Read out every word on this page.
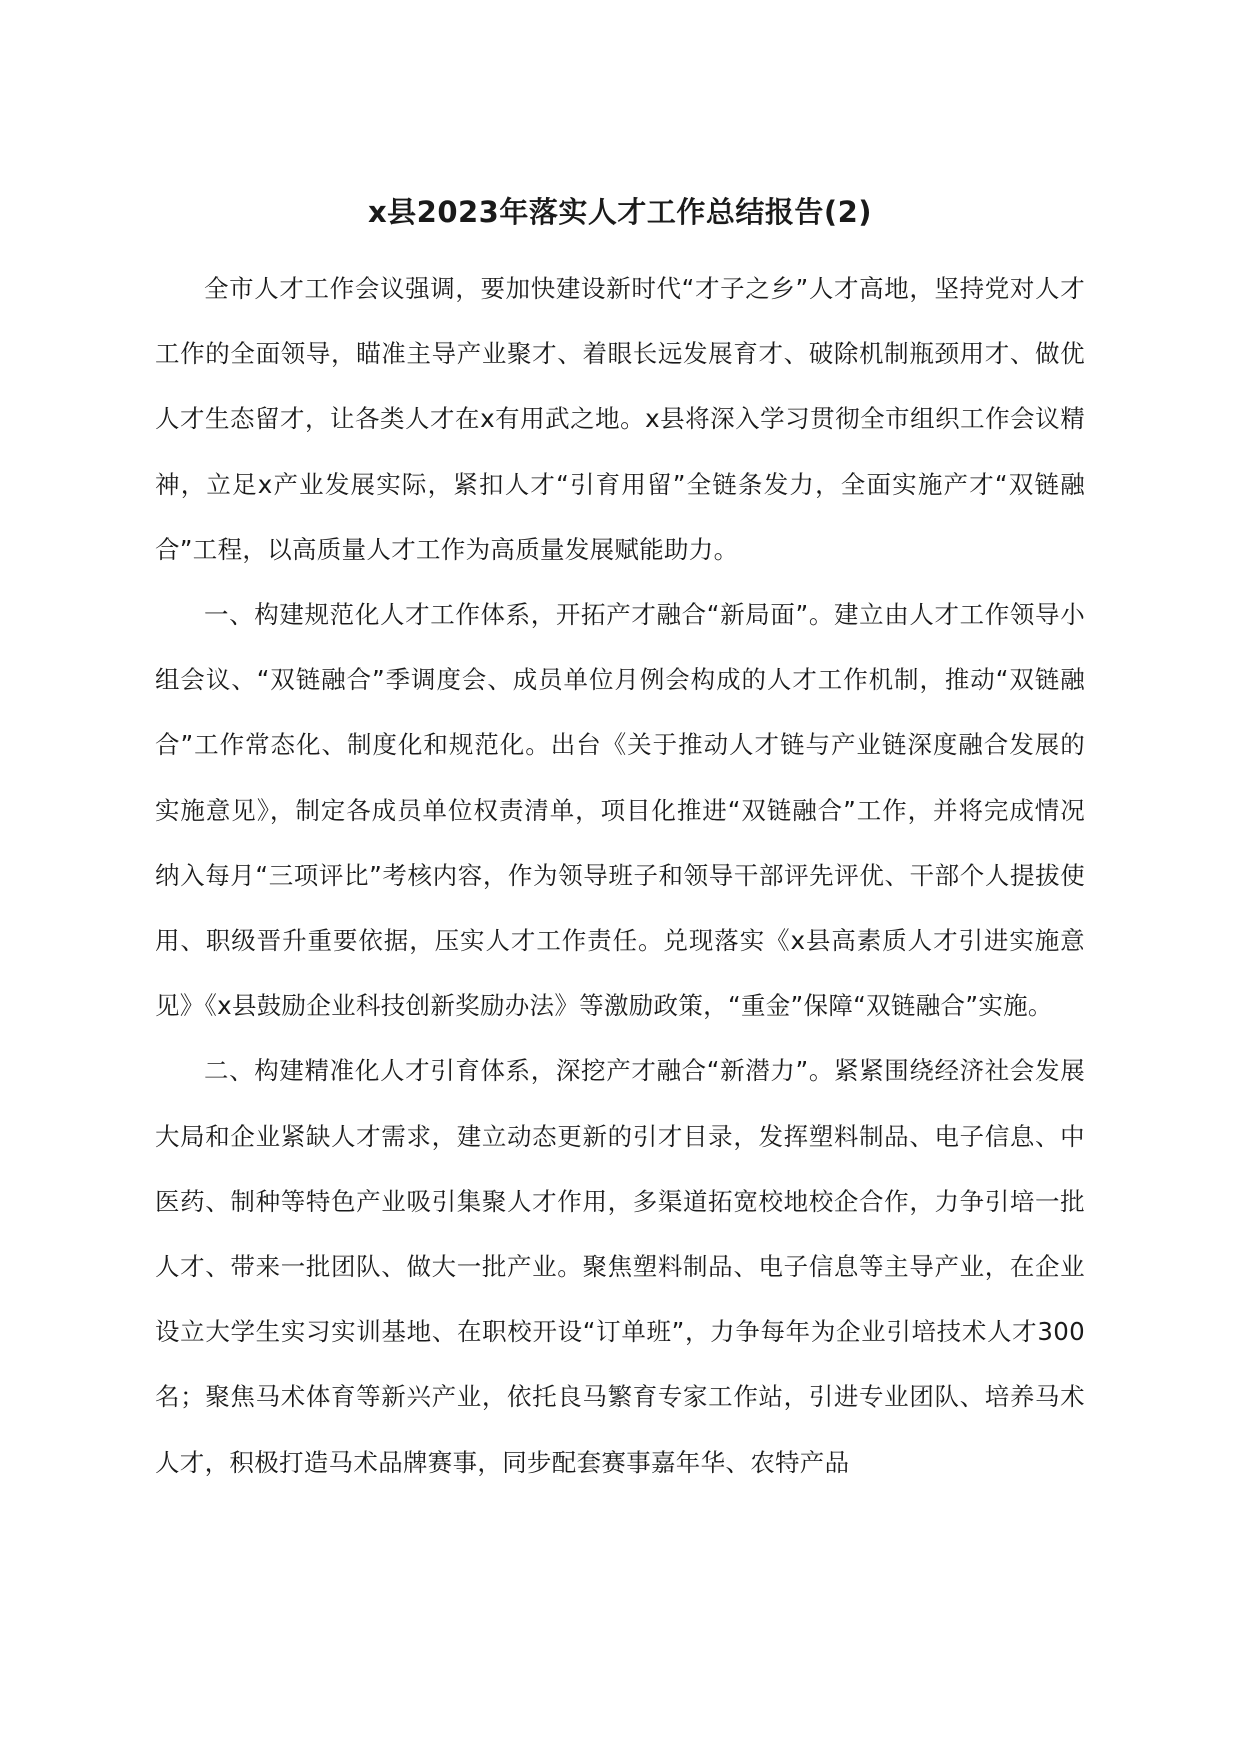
x县2023年落实人才工作总结报告(2)

全市人才工作会议强调，要加快建设新时代“才子之乡”人才高地，坚持党对人才工作的全面领导，瞄准主导产业聚才、着眼长远发展育才、破除机制瓶颈用才、做优人才生态留才，让各类人才在x有用武之地。x县将深入学习贯彻全市组织工作会议精神，立足x产业发展实际，紧扣人才“引育用留”全链条发力，全面实施产才“双链融合”工程，以高质量人才工作为高质量发展赋能助力。

一、构建规范化人才工作体系，开拓产才融合“新局面”。建立由人才工作领导小组会议、“双链融合”季调度会、成员单位月例会构成的人才工作机制，推动“双链融合”工作常态化、制度化和规范化。出台《关于推动人才链与产业链深度融合发展的实施意见》，制定各成员单位权责清单，项目化推进“双链融合”工作，并将完成情况纳入每月“三项评比”考核内容，作为领导班子和领导干部评先评优、干部个人提拔使用、职级晋升重要依据，压实人才工作责任。兑现落实《x县高素质人才引进实施意见》《x县鼓励企业科技创新奖励办法》等激励政策，“重金”保障“双链融合”实施。

二、构建精准化人才引育体系，深挖产才融合“新潜力”。紧紧围绕经济社会发展大局和企业紧缺人才需求，建立动态更新的引才目录，发挥塑料制品、电子信息、中医药、制种等特色产业吸引集聚人才作用，多渠道拓宽校地校企合作，力争引培一批人才、带来一批团队、做大一批产业。聚焦塑料制品、电子信息等主导产业，在企业设立大学生实习实训基地、在职校开设“订单班”，力争每年为企业引培技术人才300名；聚焦马术体育等新兴产业，依托良马繁育专家工作站，引进专业团队、培养马术人才，积极打造马术品牌赛事，同步配套赛事嘉年华、农特产品
